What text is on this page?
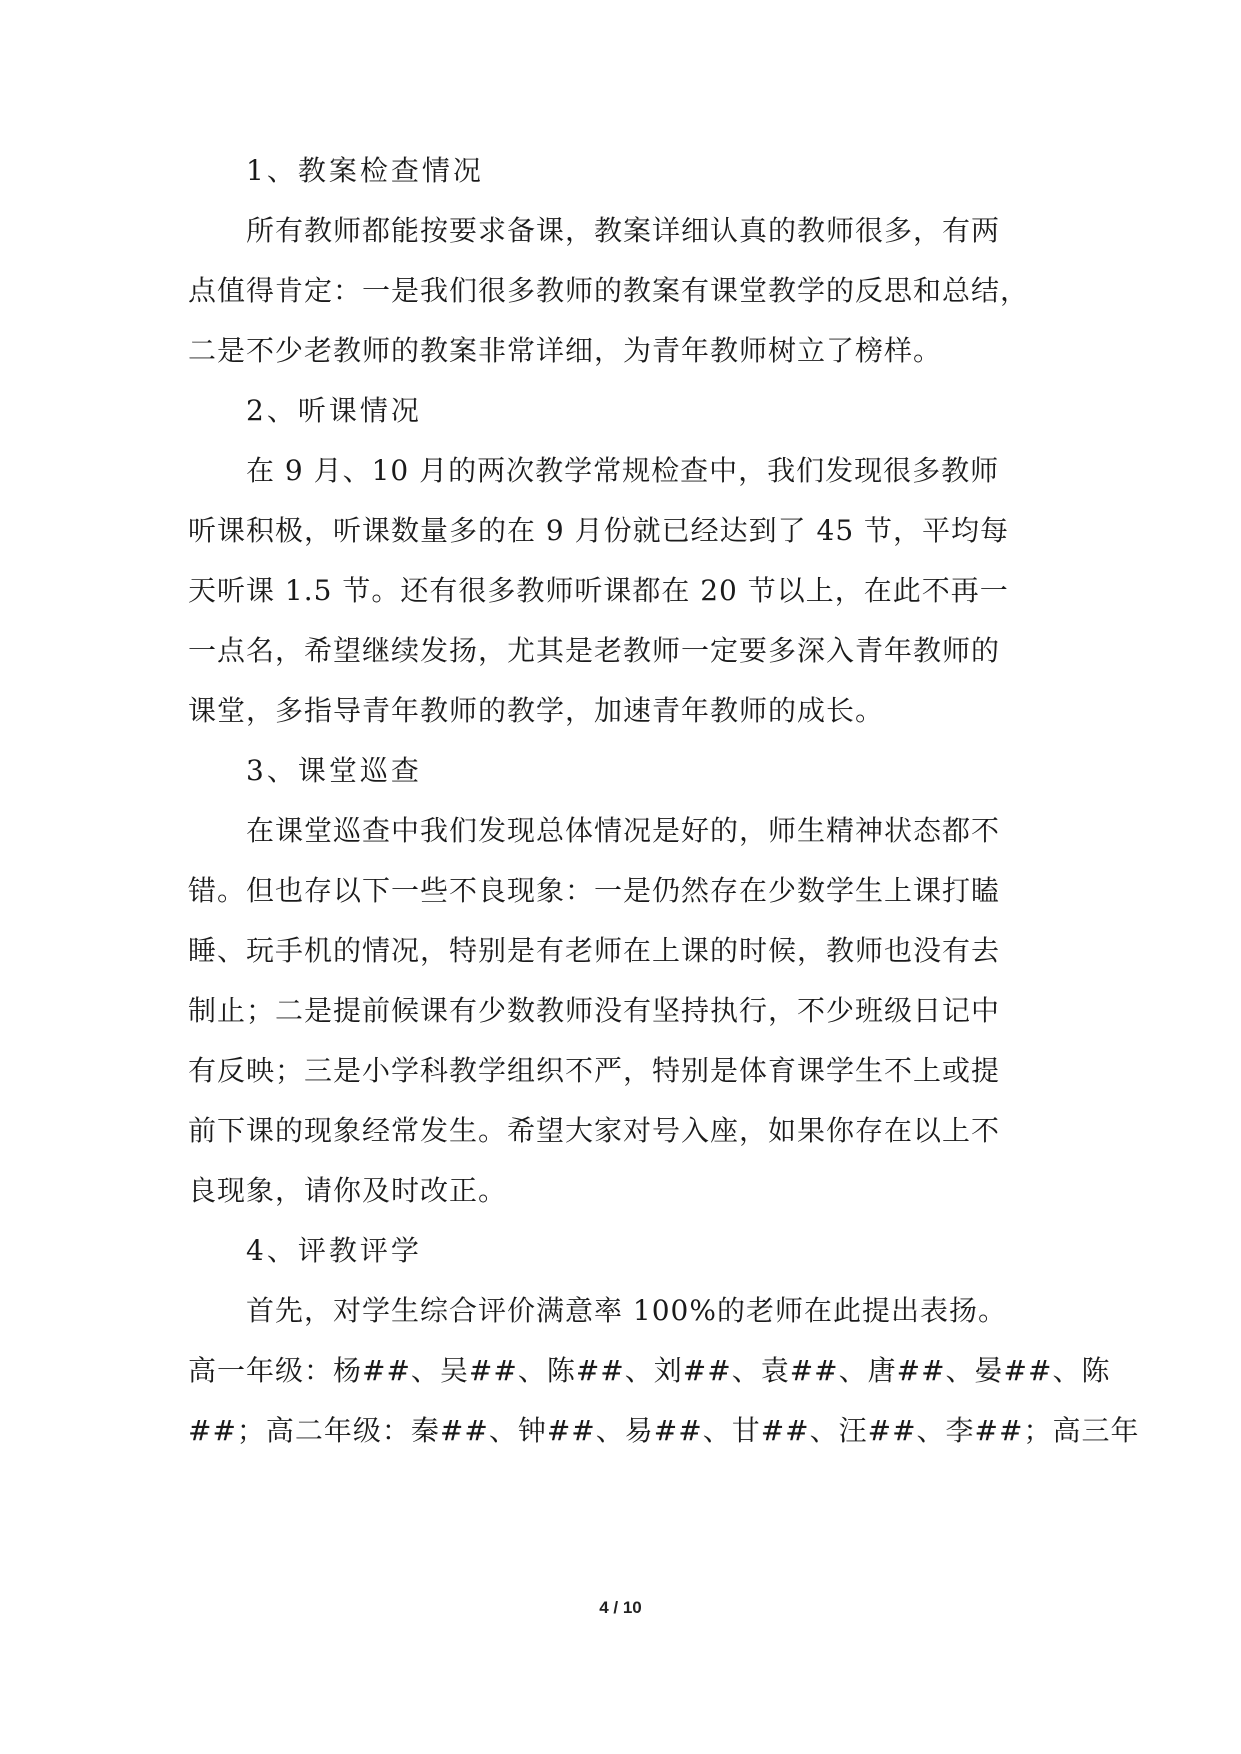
1、教案检查情况

所有教师都能按要求备课，教案详细认真的教师很多，有两

点值得肯定：一是我们很多教师的教案有课堂教学的反思和总结，

二是不少老教师的教案非常详细，为青年教师树立了榜样。

2、听课情况

在 9 月、10 月的两次教学常规检查中，我们发现很多教师

听课积极，听课数量多的在 9 月份就已经达到了 45 节，平均每

天听课 1.5 节。还有很多教师听课都在 20 节以上，在此不再一

一点名，希望继续发扬，尤其是老教师一定要多深入青年教师的

课堂，多指导青年教师的教学，加速青年教师的成长。

3、课堂巡查

在课堂巡查中我们发现总体情况是好的，师生精神状态都不

错。但也存以下一些不良现象：一是仍然存在少数学生上课打瞌

睡、玩手机的情况，特别是有老师在上课的时候，教师也没有去

制止；二是提前候课有少数教师没有坚持执行，不少班级日记中

有反映；三是小学科教学组织不严，特别是体育课学生不上或提

前下课的现象经常发生。希望大家对号入座，如果你存在以上不

良现象，请你及时改正。

4、评教评学

首先，对学生综合评价满意率 100%的老师在此提出表扬。

高一年级：杨##、吴##、陈##、刘##、袁##、唐##、晏##、陈

##；高二年级：秦##、钟##、易##、甘##、汪##、李##；高三年

4 / 10
